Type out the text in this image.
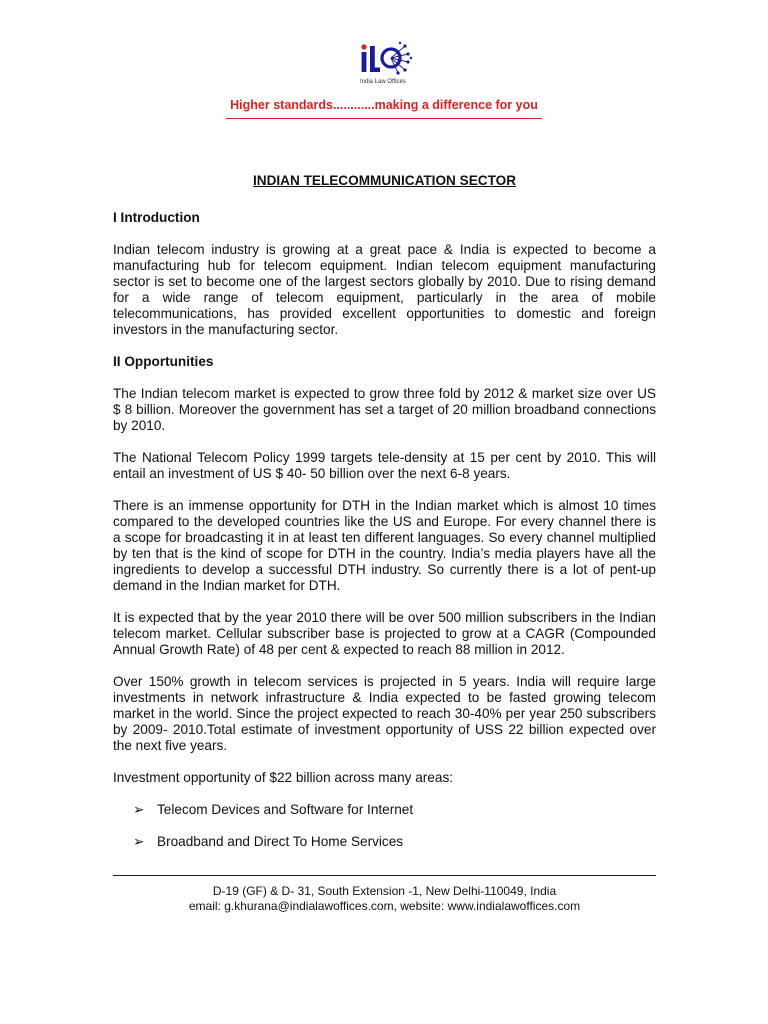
India Law Offices
Higher standards............making a difference for you
INDIAN TELECOMMUNICATION SECTOR
I Introduction

Indian telecom industry is growing at a great pace & India is expected to become a manufacturing hub for telecom equipment. Indian telecom equipment manufacturing sector is set to become one of the largest sectors globally by 2010. Due to rising demand for a wide range of telecom equipment, particularly in the area of mobile telecommunications, has provided excellent opportunities to domestic and foreign investors in the manufacturing sector.

II Opportunities

The Indian telecom market is expected to grow three fold by 2012 & market size over US $ 8 billion. Moreover the government has set a target of 20 million broadband connections by 2010.

The National Telecom Policy 1999 targets tele-density at 15 per cent by 2010. This will entail an investment of US $ 40- 50 billion over the next 6-8 years.

There is an immense opportunity for DTH in the Indian market which is almost 10 times compared to the developed countries like the US and Europe. For every channel there is a scope for broadcasting it in at least ten different languages. So every channel multiplied by ten that is the kind of scope for DTH in the country. India’s media players have all the ingredients to develop a successful DTH industry. So currently there is a lot of pent-up demand in the Indian market for DTH.

It is expected that by the year 2010 there will be over 500 million subscribers in the Indian telecom market. Cellular subscriber base is projected to grow at a CAGR (Compounded Annual Growth Rate) of 48 per cent & expected to reach 88 million in 2012.

Over 150% growth in telecom services is projected in 5 years. India will require large investments in network infrastructure & India expected to be fasted growing telecom market in the world. Since the project expected to reach 30-40% per year 250 subscribers by 2009- 2010.Total estimate of investment opportunity of USS 22 billion expected over the next five years.

Investment opportunity of $22 billion across many areas:

➢ Telecom Devices and Software for Internet
➢ Broadband and Direct To Home Services
D-19 (GF) & D- 31, South Extension -1, New Delhi-110049, India
email: g.khurana@indialawoffices.com, website: www.indialawoffices.com
